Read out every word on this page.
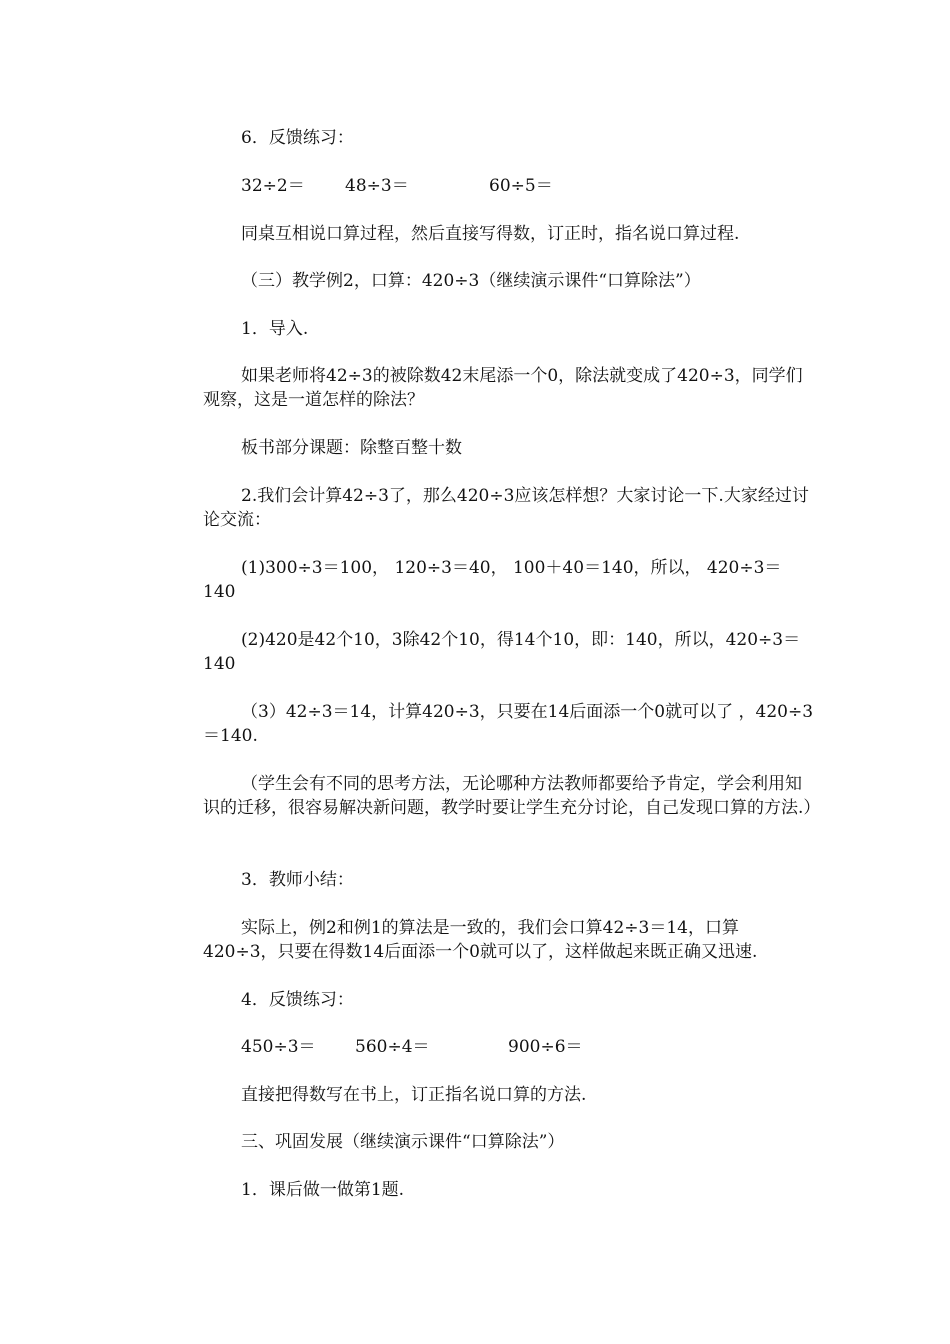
6．反馈练习：

32÷2＝ 48÷3＝	60÷5＝

同桌互相说口算过程，然后直接写得数，订正时，指名说口算过程.

（三）教学例2，口算：420÷3（继续演示课件“口算除法”）

1．导入.

如果老师将42÷3的被除数42末尾添一个0，除法就变成了420÷3，同学们观察，这是一道怎样的除法？

板书部分课题：除整百整十数

2.我们会计算42÷3了，那么420÷3应该怎样想？大家讨论一下.大家经过讨论交流：

(1)300÷3＝100， 120÷3＝40， 100＋40＝140，所以， 420÷3＝140

(2)420是42个10，3除42个10，得14个10，即：140，所以，420÷3＝140

（3）42÷3＝14，计算420÷3，只要在14后面添一个0就可以了 ，420÷3＝140.

（学生会有不同的思考方法，无论哪种方法教师都要给予肯定，学会利用知识的迁移，很容易解决新问题，教学时要让学生充分讨论，自己发现口算的方法.）

3．教师小结：

实际上，例2和例1的算法是一致的，我们会口算42÷3＝14，口算420÷3，只要在得数14后面添一个0就可以了，这样做起来既正确又迅速.

4．反馈练习：

450÷3＝ 560÷4＝	900÷6＝

直接把得数写在书上，订正指名说口算的方法.

三、巩固发展（继续演示课件“口算除法”）

1．课后做一做第1题.
